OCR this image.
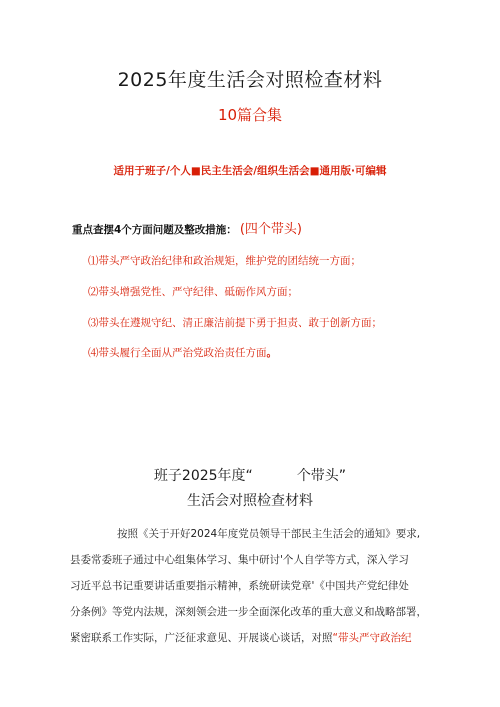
2025年度生活会对照检查材料
10篇合集
适用于班子/个人■民主生活会/组织生活会■通用版·可编辑
重点查摆4个方面问题及整改措施： (四个带头)
⑴带头严守政治纪律和政治规矩，维护党的团结统一方面；
⑵带头增强党性、严守纪律、砥砺作风方面；
⑶带头在遵规守纪、清正廉洁前提下勇于担责、敢于创新方面；
⑷带头履行全面从严治党政治责任方面。
班子2025年度“	个带头”
生活会对照检查材料
按照《关于开好2024年度党员领导干部民主生活会的通知》要求,
县委常委班子通过中心组集体学习、集中研讨'个人自学等方式，深入学习
习近平总书记重要讲话重要指示精神，系统研读党章'《中国共产党纪律处
分条例》等党内法规，深刻领会进一步全面深化改革的重大意义和战略部署，
紧密联系工作实际，广泛征求意见、开展谈心谈话，对照“带头严守政治纪
